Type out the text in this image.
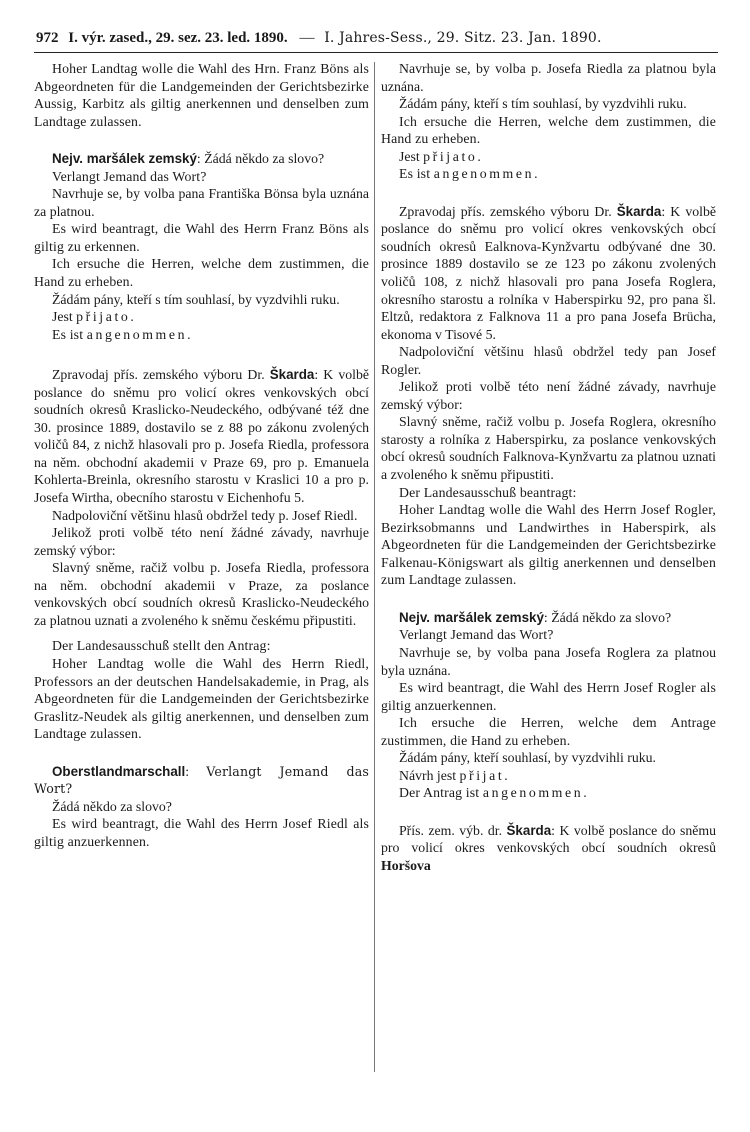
972 I. výr. zased., 29. sez. 23. led. 1890. — I. Jahres-Sess., 29. Sitz. 23. Jan. 1890.

Hoher Landtag wolle die Wahl des Hrn. Franz Böns als Abgeordneten für die Landgemeinden der Gerichtsbezirke Aussig, Karbitz als giltig anerkennen und denselben zum Landtage zulassen.

Nejv. maršálek zemský: Žádá někdo za slovo?

Verlangt Jemand das Wort?

Navrhuje se, by volba pana Františka Bönsa byla uznána za platnou.

Es wird beantragt, die Wahl des Herrn Franz Böns als giltig zu erkennen.

Ich ersuche die Herren, welche dem zustimmen, die Hand zu erheben.

Žádám pány, kteří s tím souhlasí, by vyzdvihli ruku.

Jest přijato.

Es ist angenommen.

Zpravodaj přís. zemského výboru Dr. Škarda: K volbě poslance do sněmu pro volicí okres venkovských obcí soudních okresů Kraslicko-Neudeckého, odbývané též dne 30. prosince 1889, dostavilo se z 88 po zákonu zvolených voličů 84, z nichž hlasovali pro p. Josefa Riedla, professora na něm. obchodní akademii v Praze 69, pro p. Emanuela Kohlerta-Breinla, okresního starostu v Kraslici 10 a pro p. Josefa Wirtha, obecního starostu v Eichenhofu 5.

Nadpoloviční většinu hlasů obdržel tedy p. Josef Riedl.

Jelikož proti volbě této není žádné závady, navrhuje zemský výbor:

Slavný sněme, račiž volbu p. Josefa Riedla, professora na něm. obchodní akademii v Praze, za poslance venkovských obcí soudních okresů Kraslicko-Neudeckého za platnou uznati a zvoleného k sněmu českému připustiti.

Der Landesausschuß stellt den Antrag:

Hoher Landtag wolle die Wahl des Herrn Riedl, Professors an der deutschen Handelsakademie, in Prag, als Abgeordneten für die Landgemeinden der Gerichtsbezirke Graslitz-Neudek als giltig anerkennen, und denselben zum Landtage zulassen.

Oberstlandmarschall: Verlangt Jemand das Wort?

Žádá někdo za slovo?

Es wird beantragt, die Wahl des Herrn Josef Riedl als giltig anzuerkennen.

Navrhuje se, by volba p. Josefa Riedla za platnou byla uznána.

Žádám pány, kteří s tím souhlasí, by vyzdvihli ruku.

Ich ersuche die Herren, welche dem zustimmen, die Hand zu erheben.

Jest přijato.

Es ist angenommen.

Zpravodaj přís. zemského výboru Dr. Škarda: K volbě poslance do sněmu pro volicí okres venkovských obcí soudních okresů Ealknova-Kynžvartu odbývané dne 30. prosince 1889 dostavilo se ze 123 po zákonu zvolených voličů 108, z nichž hlasovali pro pana Josefa Roglera, okresního starostu a rolníka v Haberspirku 92, pro pana šl. Eltzů, redaktora z Falknova 11 a pro pana Josefa Brücha, ekonoma v Tisové 5.

Nadpoloviční většinu hlasů obdržel tedy pan Josef Rogler.

Jelikož proti volbě této není žádné závady, navrhuje zemský výbor:

Slavný sněme, račiž volbu p. Josefa Roglera, okresního starosty a rolníka z Haberspirku, za poslance venkovských obcí okresů soudních Falknova-Kynžvartu za platnou uznati a zvoleného k sněmu připustiti.

Der Landesausschuß beantragt:

Hoher Landtag wolle die Wahl des Herrn Josef Rogler, Bezirksobmanns und Landwirthes in Haberspirk, als Abgeordneten für die Landgemeinden der Gerichtsbezirke Falkenau-Königswart als giltig anerkennen und denselben zum Landtage zulassen.

Nejv. maršálek zemský: Žádá někdo za slovo?

Verlangt Jemand das Wort?

Navrhuje se, by volba pana Josefa Roglera za platnou byla uznána.

Es wird beantragt, die Wahl des Herrn Josef Rogler als giltig anzuerkennen.

Ich ersuche die Herren, welche dem Antrage zustimmen, die Hand zu erheben.

Žádám pány, kteří souhlasí, by vyzdvihli ruku.

Návrh jest přijat.

Der Antrag ist angenommen.

Přís. zem. výb. dr. Škarda: K volbě poslance do sněmu pro volicí okres venkovských obcí soudních okresů Horšova
